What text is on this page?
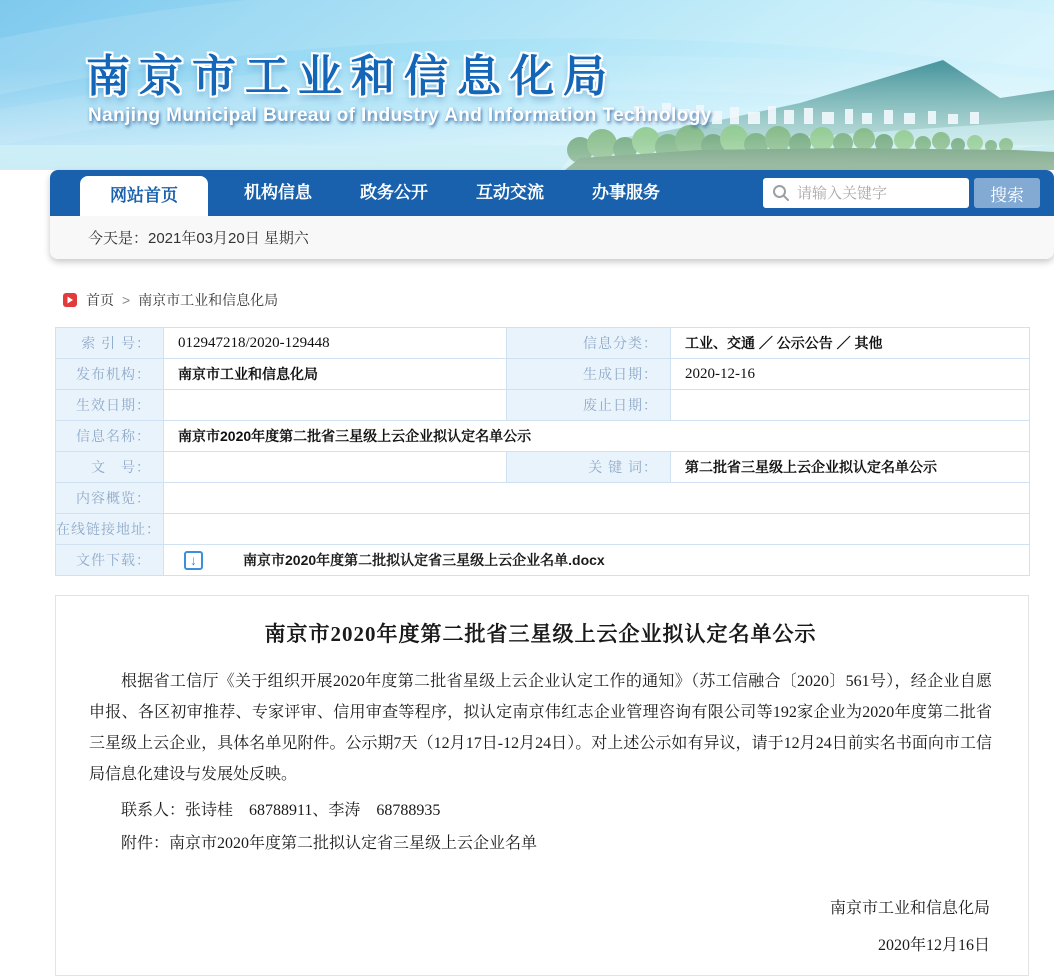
南京市工业和信息化局
Nanjing Municipal Bureau of Industry And Information Technology
网站首页	机构信息	政务公开	互动交流	办事服务
请输入关键字	搜索
今天是：2021年03月20日 星期六
首页 > 南京市工业和信息化局
索 引 号：	012947218/2020-129448	信息分类：	工业、交通 ／ 公示公告 ／ 其他
发布机构：	南京市工业和信息化局	生成日期：	2020-12-16
生效日期：		废止日期：	
信息名称：	南京市2020年度第二批省三星级上云企业拟认定名单公示		
文　号：		关 键 词：	第二批省三星级上云企业拟认定名单公示
内容概览：			
在线链接地址：			
文件下载：	↓ 南京市2020年度第二批拟认定省三星级上云企业名单.docx		
南京市2020年度第二批省三星级上云企业拟认定名单公示

根据省工信厅《关于组织开展2020年度第二批省星级上云企业认定工作的通知》（苏工信融合〔2020〕561号），经企业自愿申报、各区初审推荐、专家评审、信用审查等程序，拟认定南京伟红志企业管理咨询有限公司等192家企业为2020年度第二批省三星级上云企业，具体名单见附件。公示期7天（12月17日-12月24日）。对上述公示如有异议，请于12月24日前实名书面向市工信局信息化建设与发展处反映。

联系人：张诗桂　68788911、李涛　68788935

附件：南京市2020年度第二批拟认定省三星级上云企业名单

南京市工业和信息化局

2020年12月16日
